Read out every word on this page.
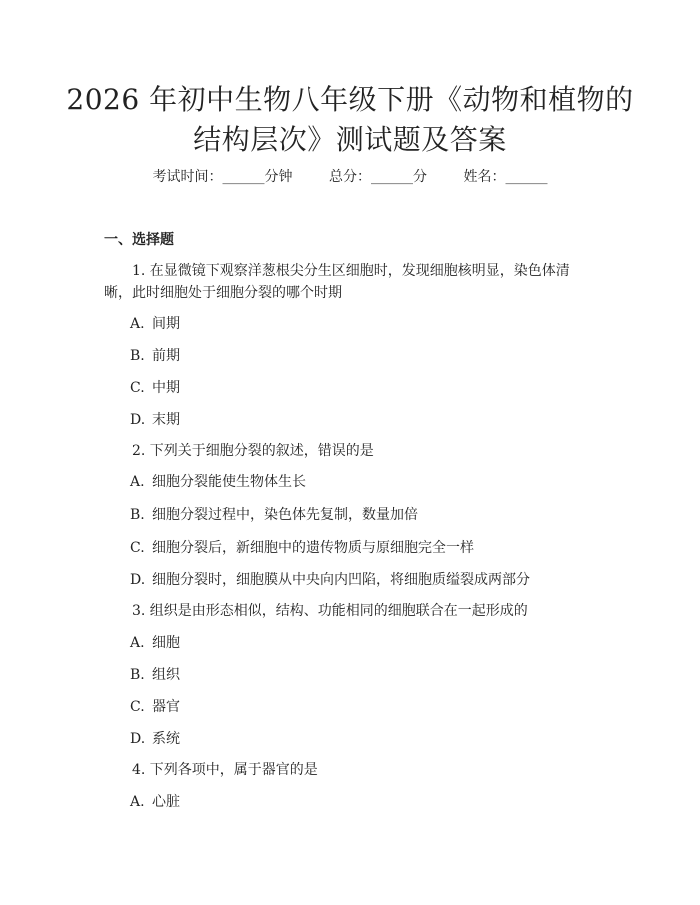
2026 年初中生物八年级下册《动物和植物的
结构层次》测试题及答案
考试时间：______分钟	总分：______分	姓名：______
一、选择题

1. 在显微镜下观察洋葱根尖分生区细胞时，发现细胞核明显，染色体清晰，此时细胞处于细胞分裂的哪个时期

A. 间期
B. 前期
C. 中期
D. 末期

2. 下列关于细胞分裂的叙述，错误的是

A. 细胞分裂能使生物体生长
B. 细胞分裂过程中，染色体先复制，数量加倍
C. 细胞分裂后，新细胞中的遗传物质与原细胞完全一样
D. 细胞分裂时，细胞膜从中央向内凹陷，将细胞质缢裂成两部分

3. 组织是由形态相似，结构、功能相同的细胞联合在一起形成的

A. 细胞
B. 组织
C. 器官
D. 系统

4. 下列各项中，属于器官的是

A. 心脏
